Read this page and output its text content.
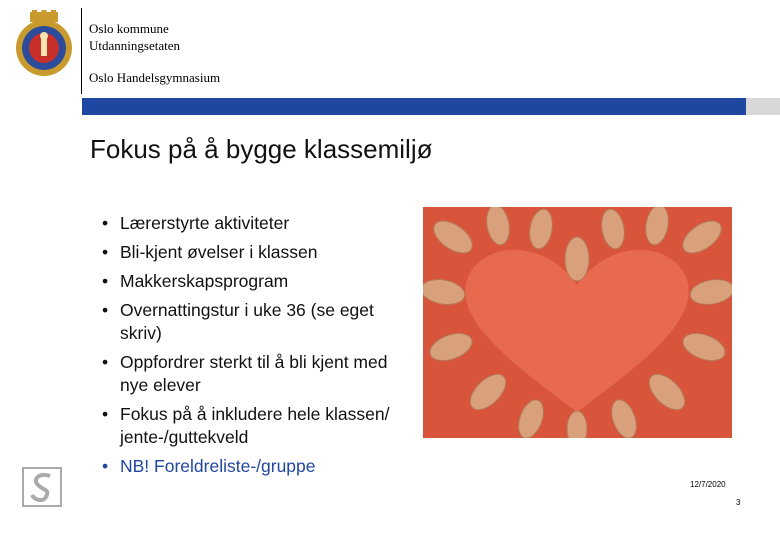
Oslo kommune
Utdanningsetaten
Oslo Handelsgymnasium
Fokus på å bygge klassemiljø
• Lærerstyrte aktiviteter
• Bli-kjent øvelser i klassen
• Makkerskapsprogram
• Overnattingstur i uke 36 (se eget skriv)
• Oppfordrer sterkt til å bli kjent med nye elever
• Fokus på å inkludere hele klassen/ jente-/guttekveld
• NB! Foreldreliste-/gruppe
12/7/2020
3
